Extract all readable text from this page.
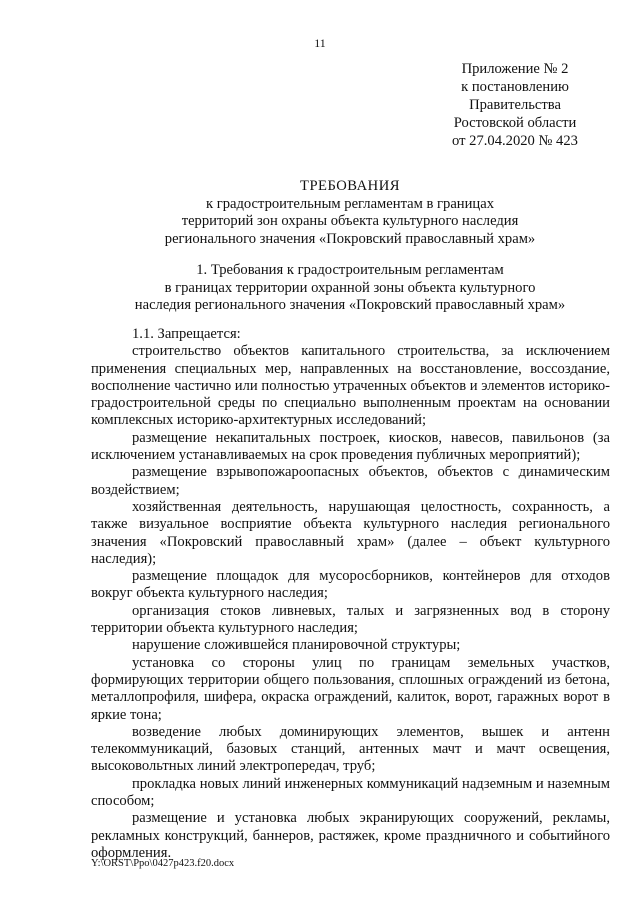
11
Приложение № 2
к постановлению
Правительства
Ростовской области
от 27.04.2020 № 423
ТРЕБОВАНИЯ
к градостроительным регламентам в границах
территорий зон охраны объекта культурного наследия
регионального значения «Покровский православный храм»
1. Требования к градостроительным регламентам
в границах территории охранной зоны объекта культурного
наследия регионального значения «Покровский православный храм»

1.1. Запрещается:

строительство объектов капитального строительства, за исключением применения специальных мер, направленных на восстановление, воссоздание, восполнение частично или полностью утраченных объектов и элементов историко-градостроительной среды по специально выполненным проектам на основании комплексных историко-архитектурных исследований;

размещение некапитальных построек, киосков, навесов, павильонов (за исключением устанавливаемых на срок проведения публичных мероприятий);

размещение взрывопожароопасных объектов, объектов с динамическим воздействием;

хозяйственная деятельность, нарушающая целостность, сохранность, а также визуальное восприятие объекта культурного наследия регионального значения «Покровский православный храм» (далее – объект культурного наследия);

размещение площадок для мусоросборников, контейнеров для отходов вокруг объекта культурного наследия;

организация стоков ливневых, талых и загрязненных вод в сторону территории объекта культурного наследия;

нарушение сложившейся планировочной структуры;

установка со стороны улиц по границам земельных участков, формирующих территории общего пользования, сплошных ограждений из бетона, металлопрофиля, шифера, окраска ограждений, калиток, ворот, гаражных ворот в яркие тона;

возведение любых доминирующих элементов, вышек и антенн телекоммуникаций, базовых станций, антенных мачт и мачт освещения, высоковольтных линий электропередач, труб;

прокладка новых линий инженерных коммуникаций надземным и наземным способом;

размещение и установка любых экранирующих сооружений, рекламы, рекламных конструкций, баннеров, растяжек, кроме праздничного и событийного оформления.

Y:\ORST\Ppo\0427p423.f20.docx
